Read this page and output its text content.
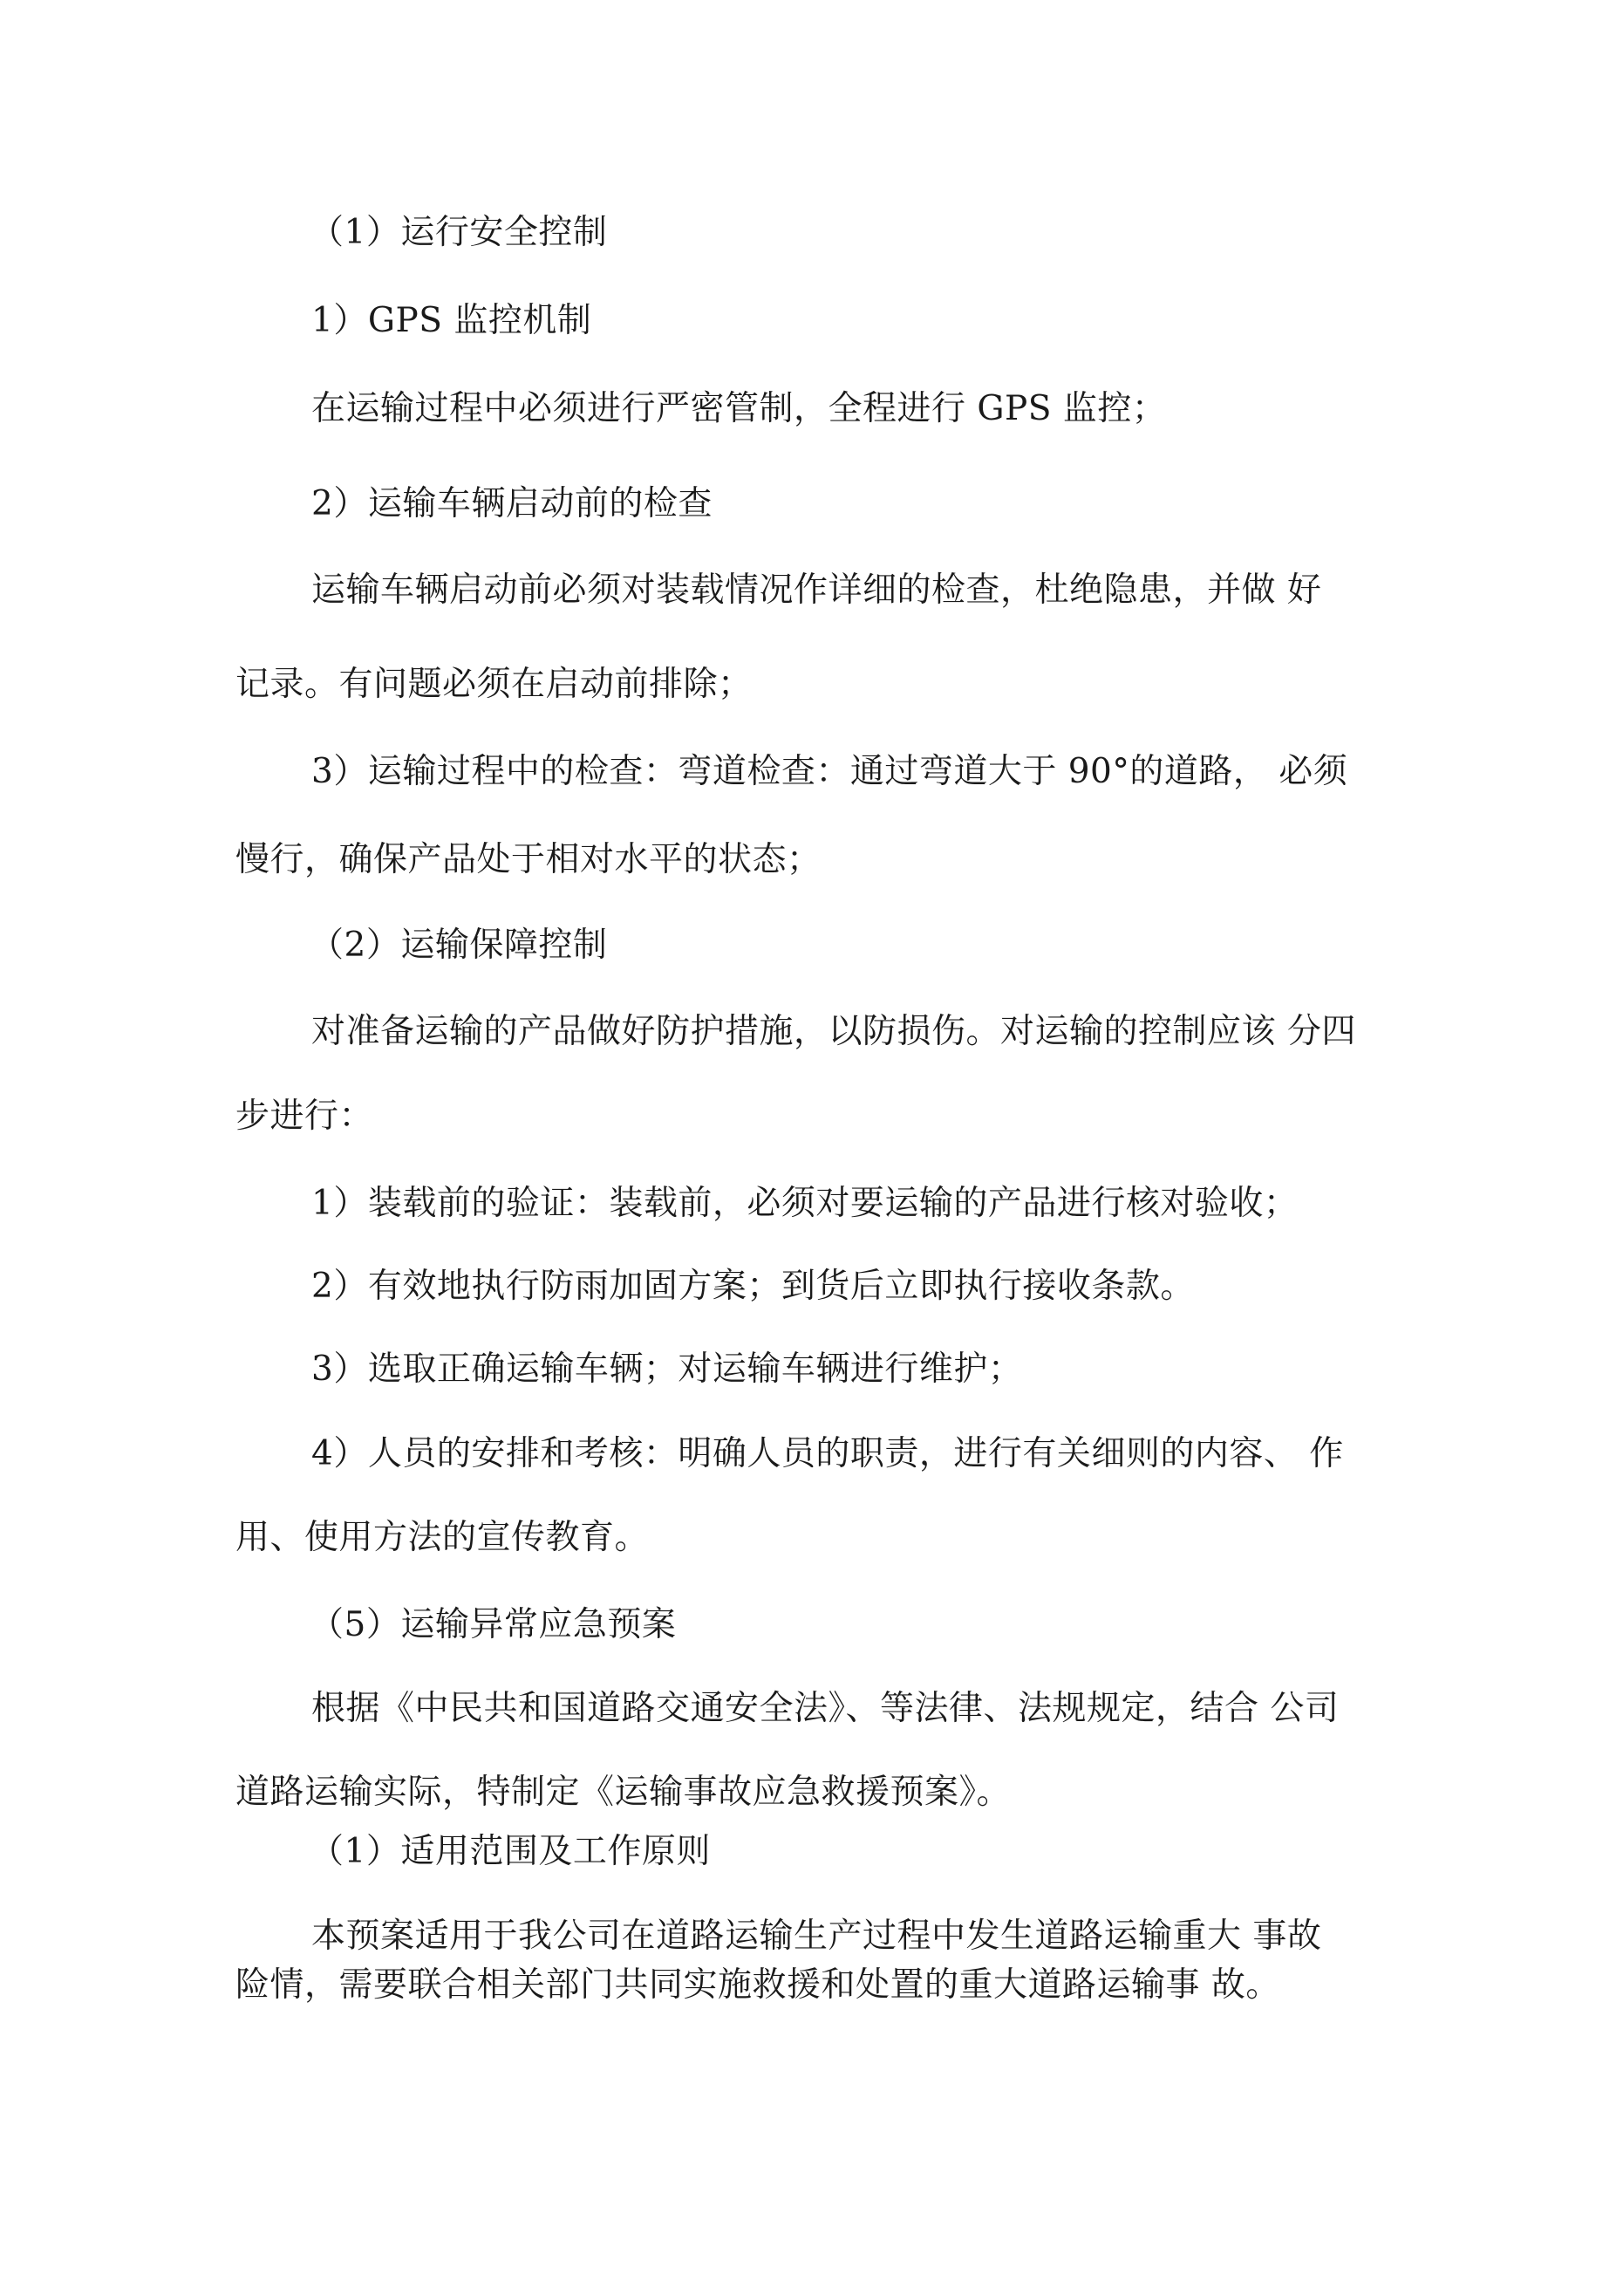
（1）运行安全控制
1）GPS 监控机制
在运输过程中必须进行严密管制，全程进行 GPS 监控；
2）运输车辆启动前的检查
运输车辆启动前必须对装载情况作详细的检查，杜绝隐患，并做 好
记录。有问题必须在启动前排除；
3）运输过程中的检查：弯道检查：通过弯道大于 90°的道路， 必须
慢行，确保产品处于相对水平的状态；
（2）运输保障控制
对准备运输的产品做好防护措施，以防损伤。对运输的控制应该 分四
步进行：
1）装载前的验证：装载前，必须对要运输的产品进行核对验收；
2）有效地执行防雨加固方案；到货后立即执行接收条款。
3）选取正确运输车辆；对运输车辆进行维护；
4）人员的安排和考核：明确人员的职责，进行有关细则的内容、 作
用、使用方法的宣传教育。
（5）运输异常应急预案
根据《中民共和国道路交通安全法》、等法律、法规规定，结合 公司
道路运输实际，特制定《运输事故应急救援预案》。
（1）适用范围及工作原则
本预案适用于我公司在道路运输生产过程中发生道路运输重大 事故
险情，需要联合相关部门共同实施救援和处置的重大道路运输事 故。
